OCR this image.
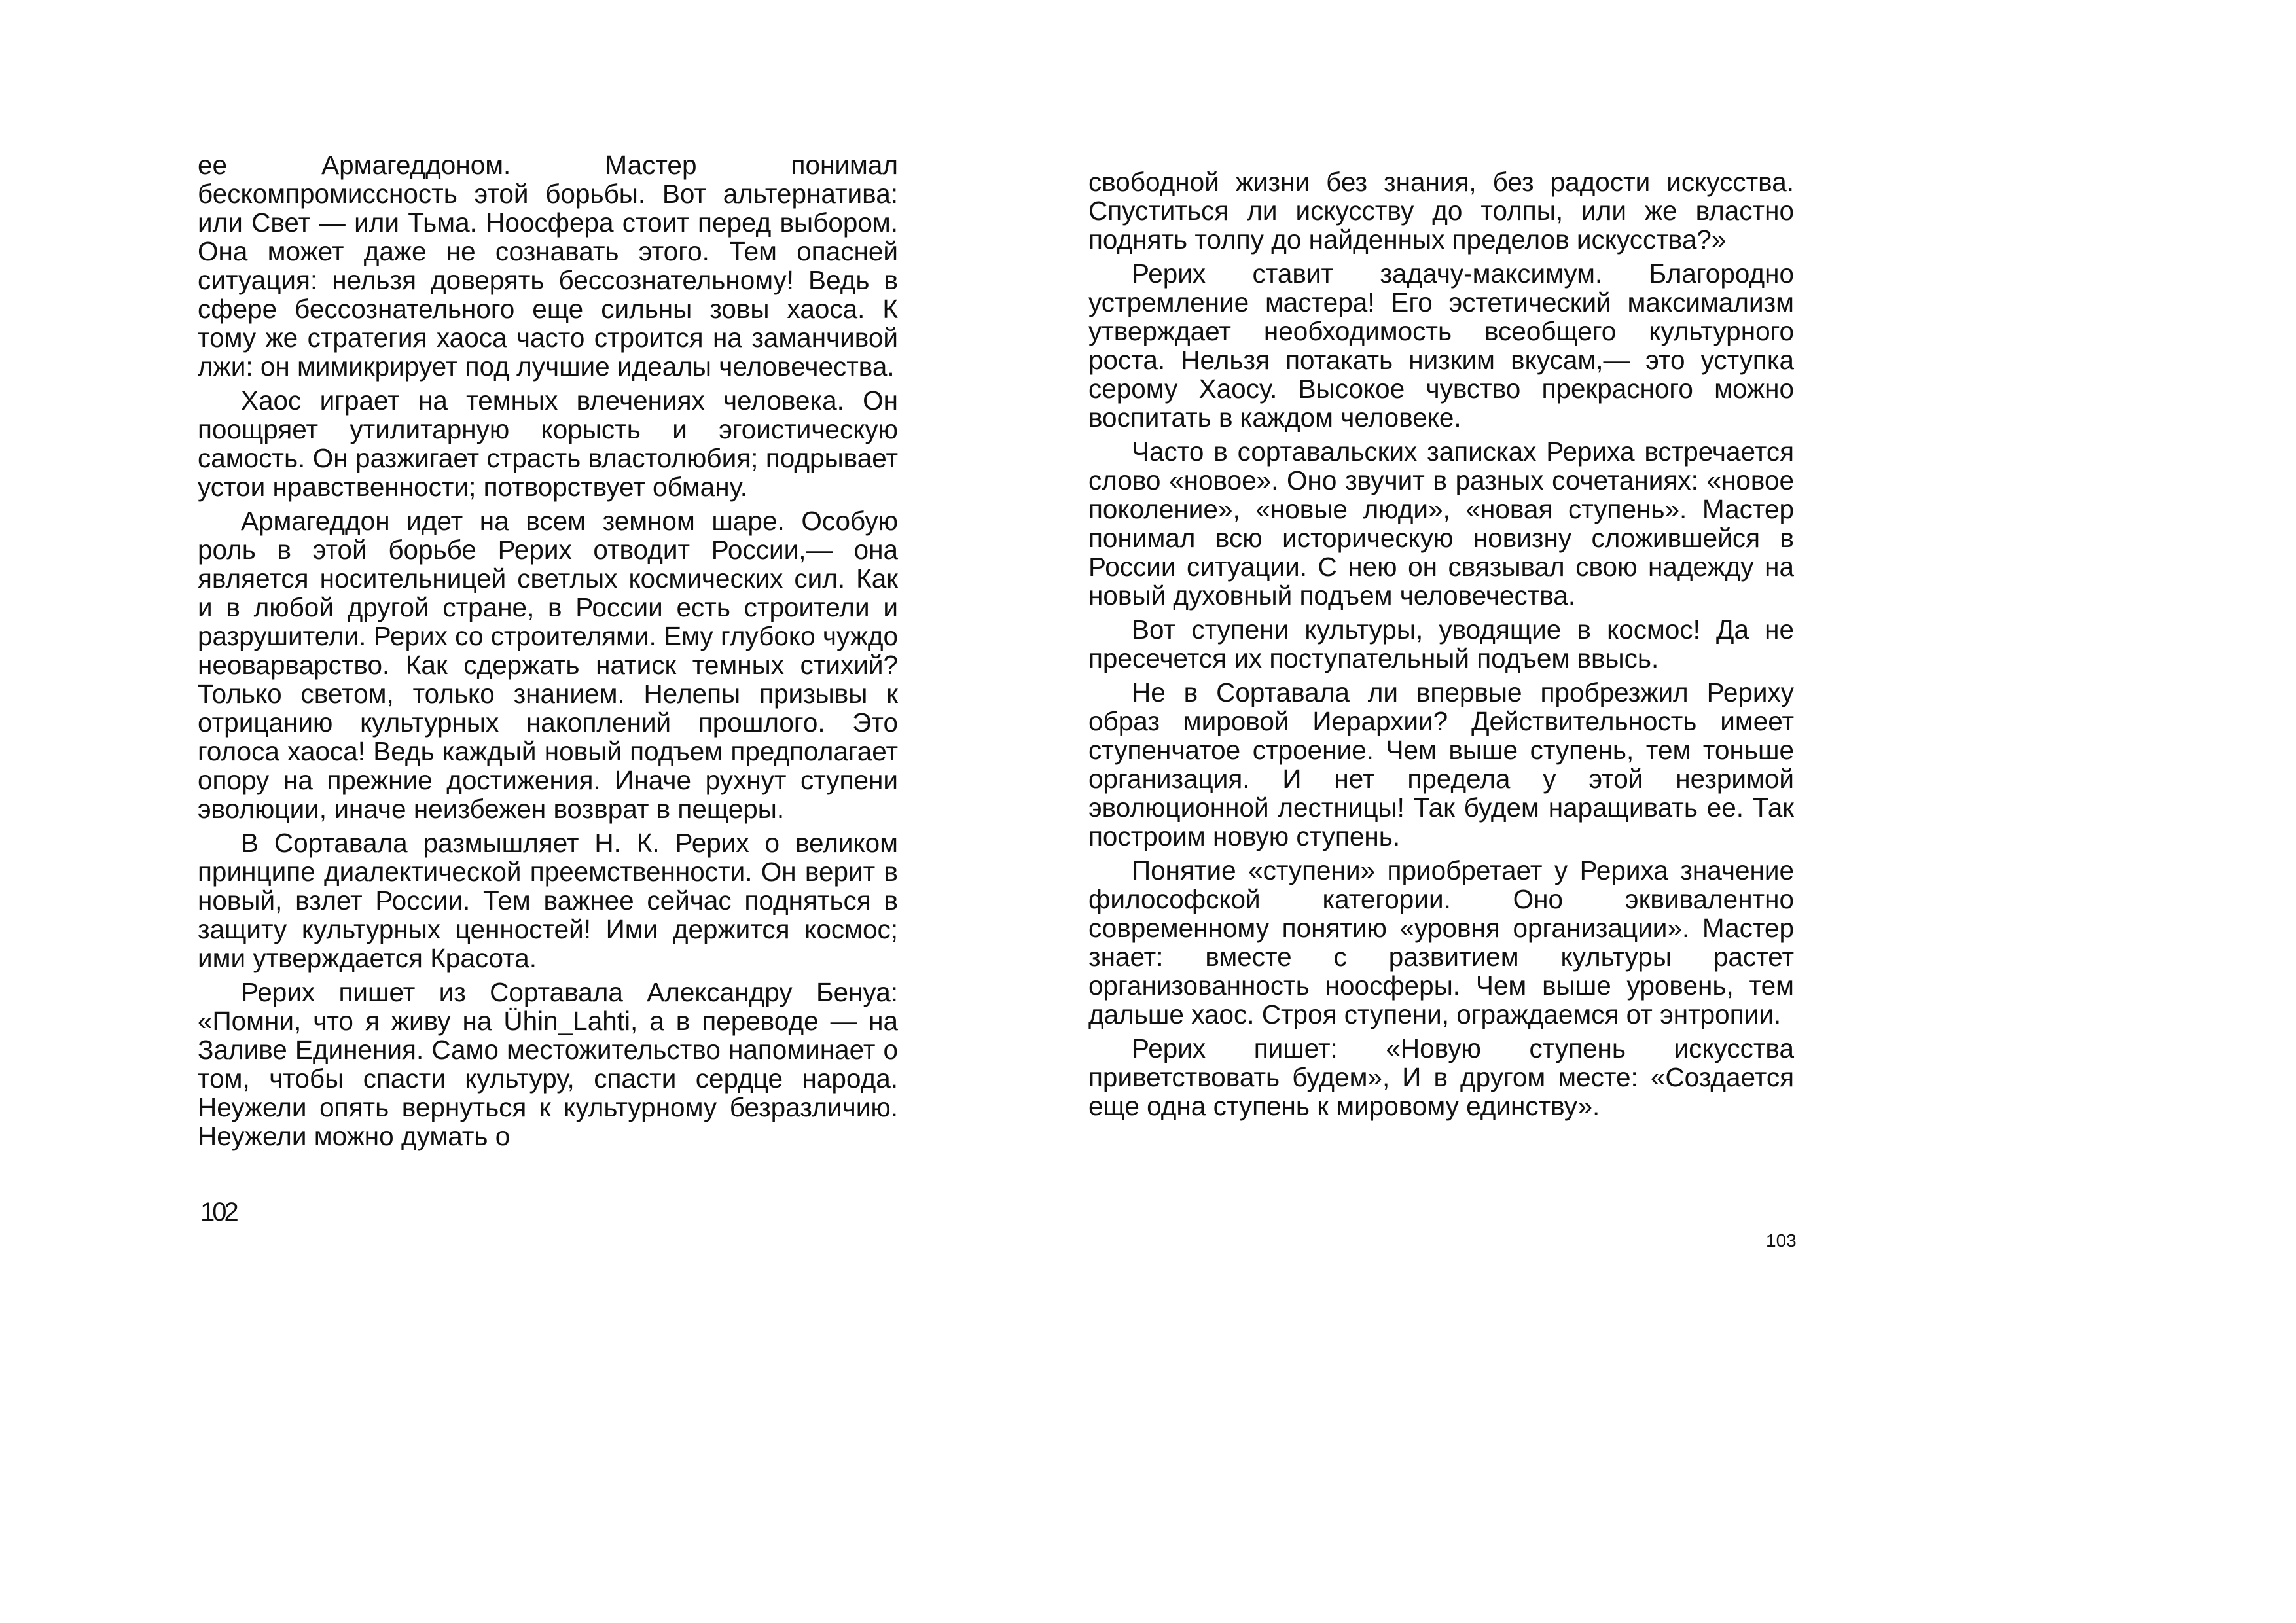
ее Армагеддоном. Мастер понимал бескомпромиссность этой борьбы. Вот альтернатива: или Свет — или Тьма. Ноосфера стоит перед выбором. Она может даже не сознавать этого. Тем опасней ситуация: нельзя доверять бессознательному! Ведь в сфере бессознательного еще сильны зовы хаоса. К тому же стратегия хаоса часто строится на заманчивой лжи: он мимикрирует под лучшие идеалы человечества.

Хаос играет на темных влечениях человека. Он поощряет утилитарную корысть и эгоистическую самость. Он разжигает страсть властолюбия; подрывает устои нравственности; потворствует обману.

Армагеддон идет на всем земном шаре. Особую роль в этой борьбе Рерих отводит России,— она является носительницей светлых космических сил. Как и в любой другой стране, в России есть строители и разрушители. Рерих со строителями. Ему глубоко чуждо неоварварство. Как сдержать натиск темных стихий? Только светом, только знанием. Нелепы призывы к отрицанию культурных накоплений прошлого. Это голоса хаоса! Ведь каждый новый подъем предполагает опору на прежние достижения. Иначе рухнут ступени эволюции, иначе неизбежен возврат в пещеры.

В Сортавала размышляет Н. К. Рерих о великом принципе диалектической преемственности. Он верит в новый, взлет России. Тем важнее сейчас подняться в защиту культурных ценностей! Ими держится космос; ими утверждается Красота.

Рерих пишет из Сортавала Александру Бенуа: «Помни, что я живу на Ühin_Lahti, а в переводе — на Заливе Единения. Само местожительство напоминает о том, чтобы спасти культуру, спасти сердце народа. Неужели опять вернуться к культурному безразличию. Неужели можно думать о

102

свободной жизни без знания, без радости искусства. Спуститься ли искусству до толпы, или же властно поднять толпу до найденных пределов искусства?»

Рерих ставит задачу-максимум. Благородно устремление мастера! Его эстетический максимализм утверждает необходимость всеобщего культурного роста. Нельзя потакать низким вкусам,— это уступка серому Хаосу. Высокое чувство прекрасного можно воспитать в каждом человеке.

Часто в сортавальских записках Рериха встречается слово «новое». Оно звучит в разных сочетаниях: «новое поколение», «новые люди», «новая ступень». Мастер понимал всю историческую новизну сложившейся в России ситуации. С нею он связывал свою надежду на новый духовный подъем человечества.

Вот ступени культуры, уводящие в космос! Да не пресечется их поступательный подъем ввысь.

Не в Сортавала ли впервые пробрезжил Рериху образ мировой Иерархии? Действительность имеет ступенчатое строение. Чем выше ступень, тем тоньше организация. И нет предела у этой незримой эволюционной лестницы! Так будем наращивать ее. Так построим новую ступень.

Понятие «ступени» приобретает у Рериха значение философской категории. Оно эквивалентно современному понятию «уровня организации». Мастер знает: вместе с развитием культуры растет организованность ноосферы. Чем выше уровень, тем дальше хаос. Строя ступени, ограждаемся от энтропии.

Рерих пишет: «Новую ступень искусства приветствовать будем», И в другом месте: «Создается еще одна ступень к мировому единству».

103
